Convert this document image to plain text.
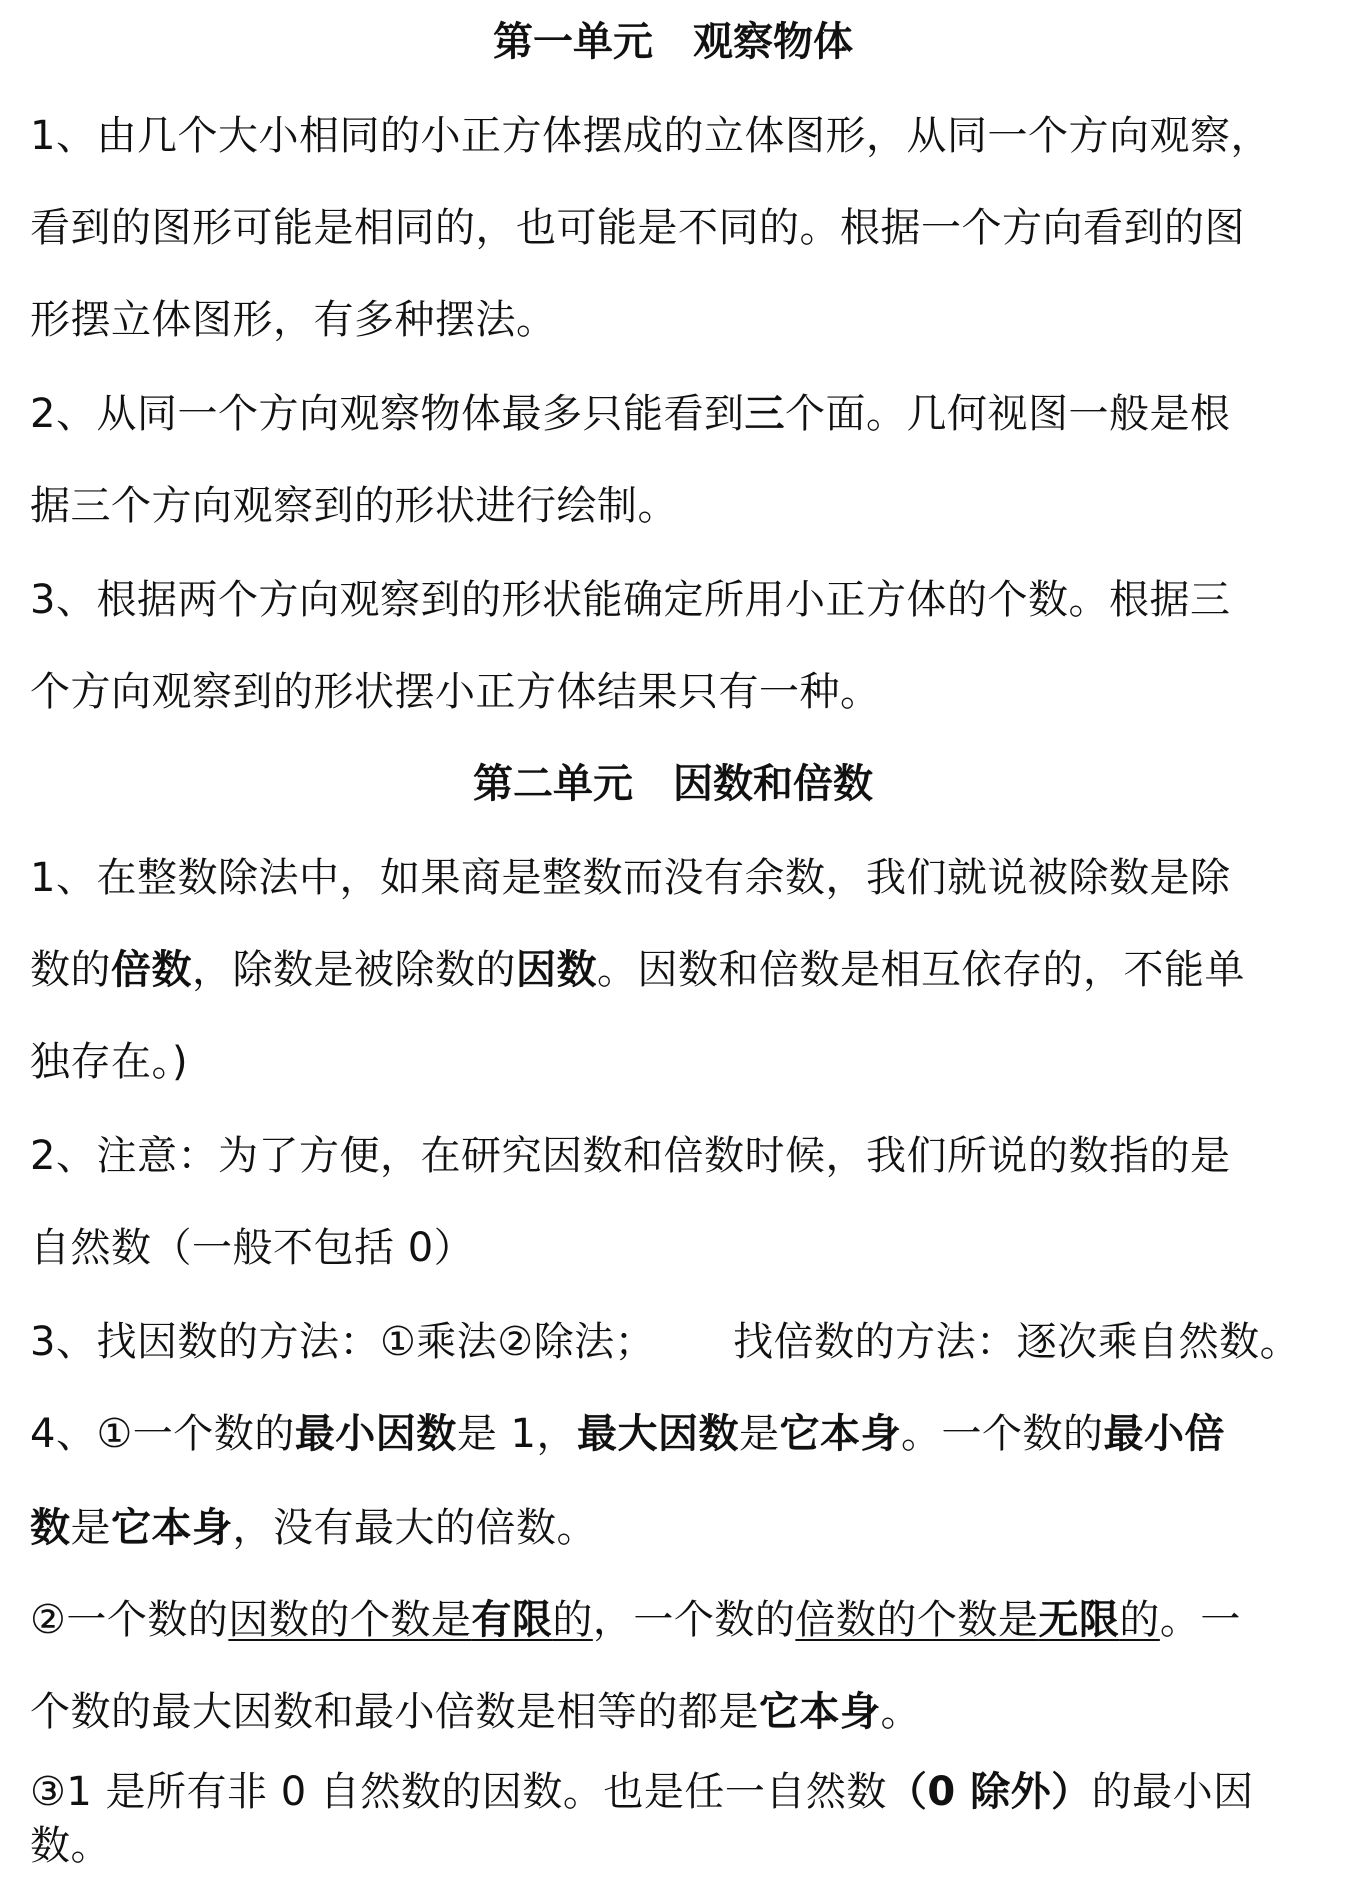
第一单元　观察物体
1、由几个大小相同的小正方体摆成的立体图形，从同一个方向观察，
看到的图形可能是相同的，也可能是不同的。根据一个方向看到的图
形摆立体图形，有多种摆法。
2、从同一个方向观察物体最多只能看到三个面。几何视图一般是根
据三个方向观察到的形状进行绘制。
3、根据两个方向观察到的形状能确定所用小正方体的个数。根据三
个方向观察到的形状摆小正方体结果只有一种。
第二单元　因数和倍数
1、在整数除法中，如果商是整数而没有余数，我们就说被除数是除
数的倍数，除数是被除数的因数。因数和倍数是相互依存的，不能单
独存在。)
2、注意：为了方便，在研究因数和倍数时候，我们所说的数指的是
自然数（一般不包括 0）
3、找因数的方法：①乘法②除法； 找倍数的方法：逐次乘自然数。
4、①一个数的最小因数是 1，最大因数是它本身。一个数的最小倍
数是它本身，没有最大的倍数。
②一个数的因数的个数是有限的，一个数的倍数的个数是无限的。一
个数的最大因数和最小倍数是相等的都是它本身。
③1 是所有非 0 自然数的因数。也是任一自然数（0 除外）的最小因
数。
